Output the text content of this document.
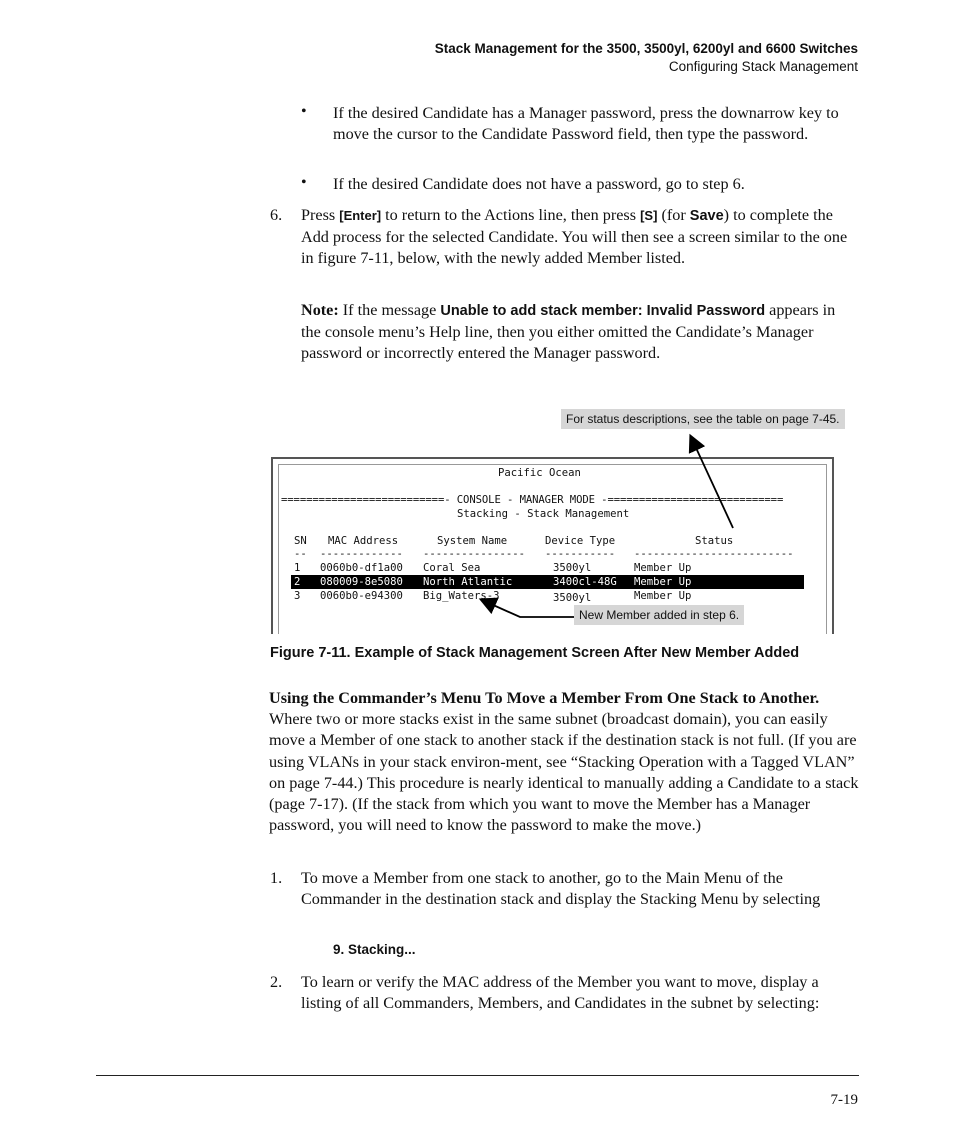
Stack Management for the 3500, 3500yl, 6200yl and 6600 Switches
Configuring Stack Management
• If the desired Candidate has a Manager password, press the downarrow key to move the cursor to the Candidate Password field, then type the password.
• If the desired Candidate does not have a password, go to step 6.
6. Press [Enter] to return to the Actions line, then press [S] (for Save) to complete the Add process for the selected Candidate. You will then see a screen similar to the one in figure 7-11, below, with the newly added Member listed.
Note: If the message Unable to add stack member: Invalid Password appears in the console menu’s Help line, then you either omitted the Candidate’s Manager password or incorrectly entered the Manager password.
For status descriptions, see the table on page 7-45.
Pacific Ocean
==========================- CONSOLE - MANAGER MODE -============================
Stacking - Stack Management
SN MAC Address	System Name	Device Type	Status
-- ------------- ---------------- ----------- -------------------------
1 0060b0-df1a00 Coral Sea	3500yl	Member Up
2 080009-8e5080 North Atlantic	3400cl-48G Member Up
3 0060b0-e94300 Big_Waters-3	3500yl	Member Up
New Member added in step 6.
Figure 7-11. Example of Stack Management Screen After New Member Added
Using the Commander’s Menu To Move a Member From One Stack to Another. Where two or more stacks exist in the same subnet (broadcast domain), you can easily move a Member of one stack to another stack if the destination stack is not full. (If you are using VLANs in your stack environ-ment, see “Stacking Operation with a Tagged VLAN” on page 7-44.) This procedure is nearly identical to manually adding a Candidate to a stack (page 7-17). (If the stack from which you want to move the Member has a Manager password, you will need to know the password to make the move.)
1. To move a Member from one stack to another, go to the Main Menu of the Commander in the destination stack and display the Stacking Menu by selecting
9. Stacking...
2. To learn or verify the MAC address of the Member you want to move, display a listing of all Commanders, Members, and Candidates in the subnet by selecting:
7-19
